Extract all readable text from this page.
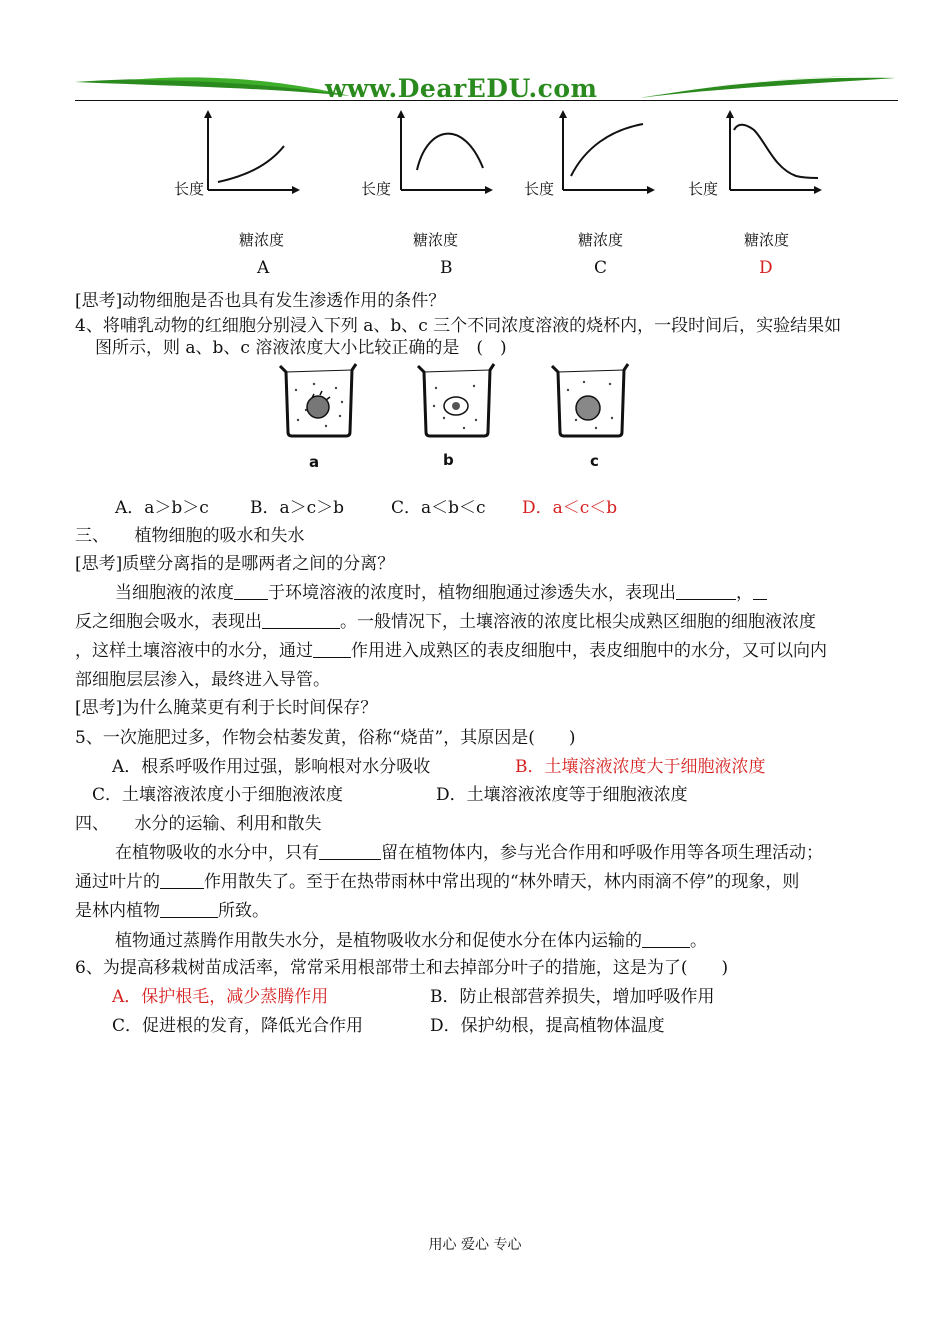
www.DearEDU.com
长度	长度	长度	长度
糖浓度	糖浓度	糖浓度	糖浓度
A	B	C	D
[思考]动物细胞是否也具有发生渗透作用的条件？
4、将哺乳动物的红细胞分别浸入下列 a、b、c 三个不同浓度溶液的烧杯内，一段时间后，实验结果如
图所示，则 a、b、c 溶液浓度大小比较正确的是　(　)
a	b	c
A．a＞b＞c B．a＞c＞b	C．a＜b＜c D．a＜c＜b
三、　　植物细胞的吸水和失水
[思考]质壁分离指的是哪两者之间的分离？
当细胞液的浓度 于环境溶液的浓度时，植物细胞通过渗透失水，表现出	，
反之细胞会吸水，表现出	。一般情况下，土壤溶液的浓度比根尖成熟区细胞的细胞液浓度
，这样土壤溶液中的水分，通过 作用进入成熟区的表皮细胞中，表皮细胞中的水分，又可以向内
部细胞层层渗入，最终进入导管。
[思考]为什么腌菜更有利于长时间保存？
5、一次施肥过多，作物会枯萎发黄，俗称“烧苗”，其原因是(　　)
A．根系呼吸作用过强，影响根对水分吸收	B．土壤溶液浓度大于细胞液浓度
C．土壤溶液浓度小于细胞液浓度	D．土壤溶液浓度等于细胞液浓度
四、　　水分的运输、利用和散失
在植物吸收的水分中，只有	留在植物体内，参与光合作用和呼吸作用等各项生理活动；
通过叶片的	作用散失了。至于在热带雨林中常出现的“林外晴天，林内雨滴不停”的现象，则
是林内植物	所致。
植物通过蒸腾作用散失水分，是植物吸收水分和促使水分在体内运输的	。
6、为提高移栽树苗成活率，常常采用根部带土和去掉部分叶子的措施，这是为了(　　)
A．保护根毛，减少蒸腾作用	B．防止根部营养损失，增加呼吸作用
C．促进根的发育，降低光合作用	D．保护幼根，提高植物体温度
用心 爱心 专心
